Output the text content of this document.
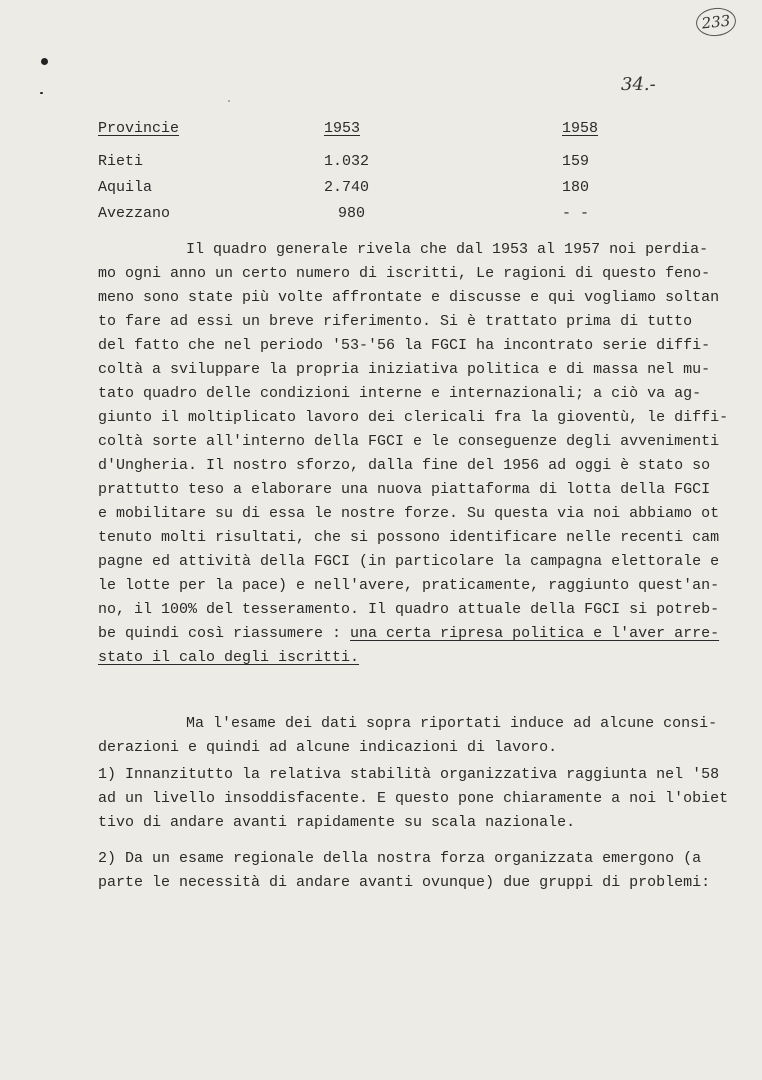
233
34.-
Provincie	1953	1958
Rieti	1.032	159
Aquila	2.740	180
Avezzano	980	- -
Il quadro generale rivela che dal 1953 al 1957 noi perdia-
mo ogni anno un certo numero di iscritti, Le ragioni di questo feno-
meno sono state più volte affrontate e discusse e qui vogliamo soltan
to fare ad essi un breve riferimento. Si è trattato prima di tutto
del fatto che nel periodo '53-'56 la FGCI ha incontrato serie diffi-
coltà a sviluppare la propria iniziativa politica e di massa nel mu-
tato quadro delle condizioni interne e internazionali; a ciò va ag-
giunto il moltiplicato lavoro dei clericali fra la gioventù, le diffi-
coltà sorte all'interno della FGCI e le conseguenze degli avvenimenti
d'Ungheria. Il nostro sforzo, dalla fine del 1956 ad oggi è stato so
prattutto teso a elaborare una nuova piattaforma di lotta della FGCI
e mobilitare su di essa le nostre forze. Su questa via noi abbiamo ot
tenuto molti risultati, che si possono identificare nelle recenti cam
pagne ed attività della FGCI (in particolare la campagna elettorale e
le lotte per la pace) e nell'avere, praticamente, raggiunto quest'an-
no, il 100% del tesseramento. Il quadro attuale della FGCI si potreb-
be quindi così riassumere : una certa ripresa politica e l'aver arre-
stato il calo degli iscritti.
Ma l'esame dei dati sopra riportati induce ad alcune consi-
derazioni e quindi ad alcune indicazioni di lavoro.
1) Innanzitutto la relativa stabilità organizzativa raggiunta nel '58
ad un livello insoddisfacente. E questo pone chiaramente a noi l'obiet
tivo di andare avanti rapidamente su scala nazionale.
2) Da un esame regionale della nostra forza organizzata emergono (a
parte le necessità di andare avanti ovunque) due gruppi di problemi:
